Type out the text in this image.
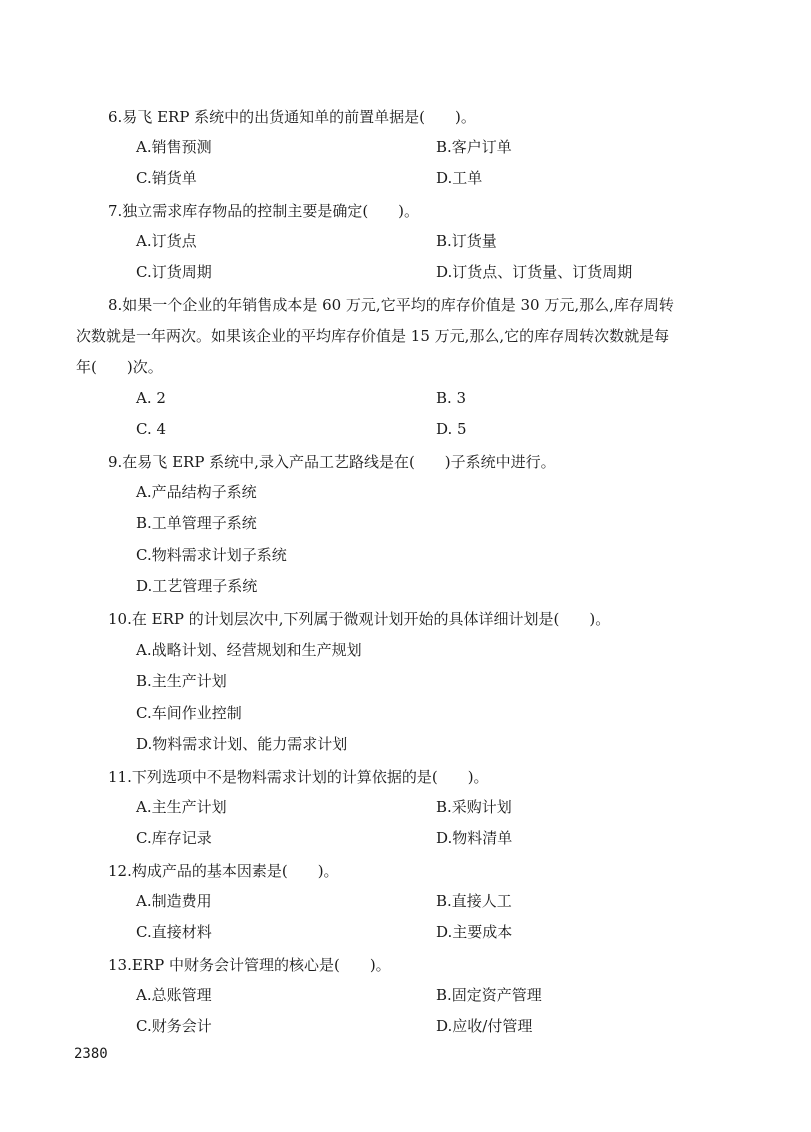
6.易飞 ERP 系统中的出货通知单的前置单据是(　　)。

A.销售预测	B.客户订单
C.销货单	D.工单

7.独立需求库存物品的控制主要是确定(　　)。

A.订货点	B.订货量
C.订货周期	D.订货点、订货量、订货周期

8.如果一个企业的年销售成本是 60 万元,它平均的库存价值是 30 万元,那么,库存周转

次数就是一年两次。如果该企业的平均库存价值是 15 万元,那么,它的库存周转次数就是每

年(　　)次。

A. 2	B. 3
C. 4	D. 5

9.在易飞 ERP 系统中,录入产品工艺路线是在(　　)子系统中进行。

A.产品结构子系统
B.工单管理子系统
C.物料需求计划子系统
D.工艺管理子系统

10.在 ERP 的计划层次中,下列属于微观计划开始的具体详细计划是(　　)。

A.战略计划、经营规划和生产规划
B.主生产计划
C.车间作业控制
D.物料需求计划、能力需求计划

11.下列选项中不是物料需求计划的计算依据的是(　　)。

A.主生产计划	B.采购计划
C.库存记录	D.物料清单

12.构成产品的基本因素是(　　)。

A.制造费用	B.直接人工
C.直接材料	D.主要成本

13.ERP 中财务会计管理的核心是(　　)。

A.总账管理	B.固定资产管理
C.财务会计	D.应收/付管理
2380
